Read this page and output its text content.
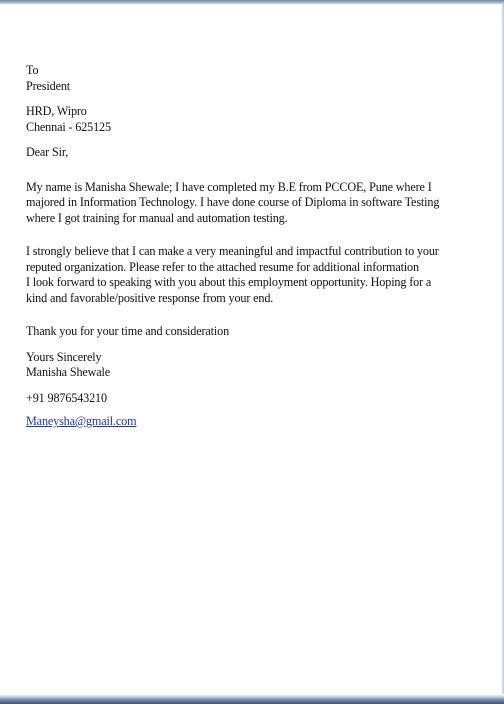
To
President
HRD, Wipro
Chennai - 625125
Dear Sir,
My name is Manisha Shewale; I have completed my B.E from PCCOE, Pune where I
majored in Information Technology. I have done course of Diploma in software Testing
where I got training for manual and automation testing.
I strongly believe that I can make a very meaningful and impactful contribution to your
reputed organization. Please refer to the attached resume for additional information
I look forward to speaking with you about this employment opportunity. Hoping for a
kind and favorable/positive response from your end.
Thank you for your time and consideration
Yours Sincerely
Manisha Shewale
+91 9876543210
Maneysha@gmail.com
